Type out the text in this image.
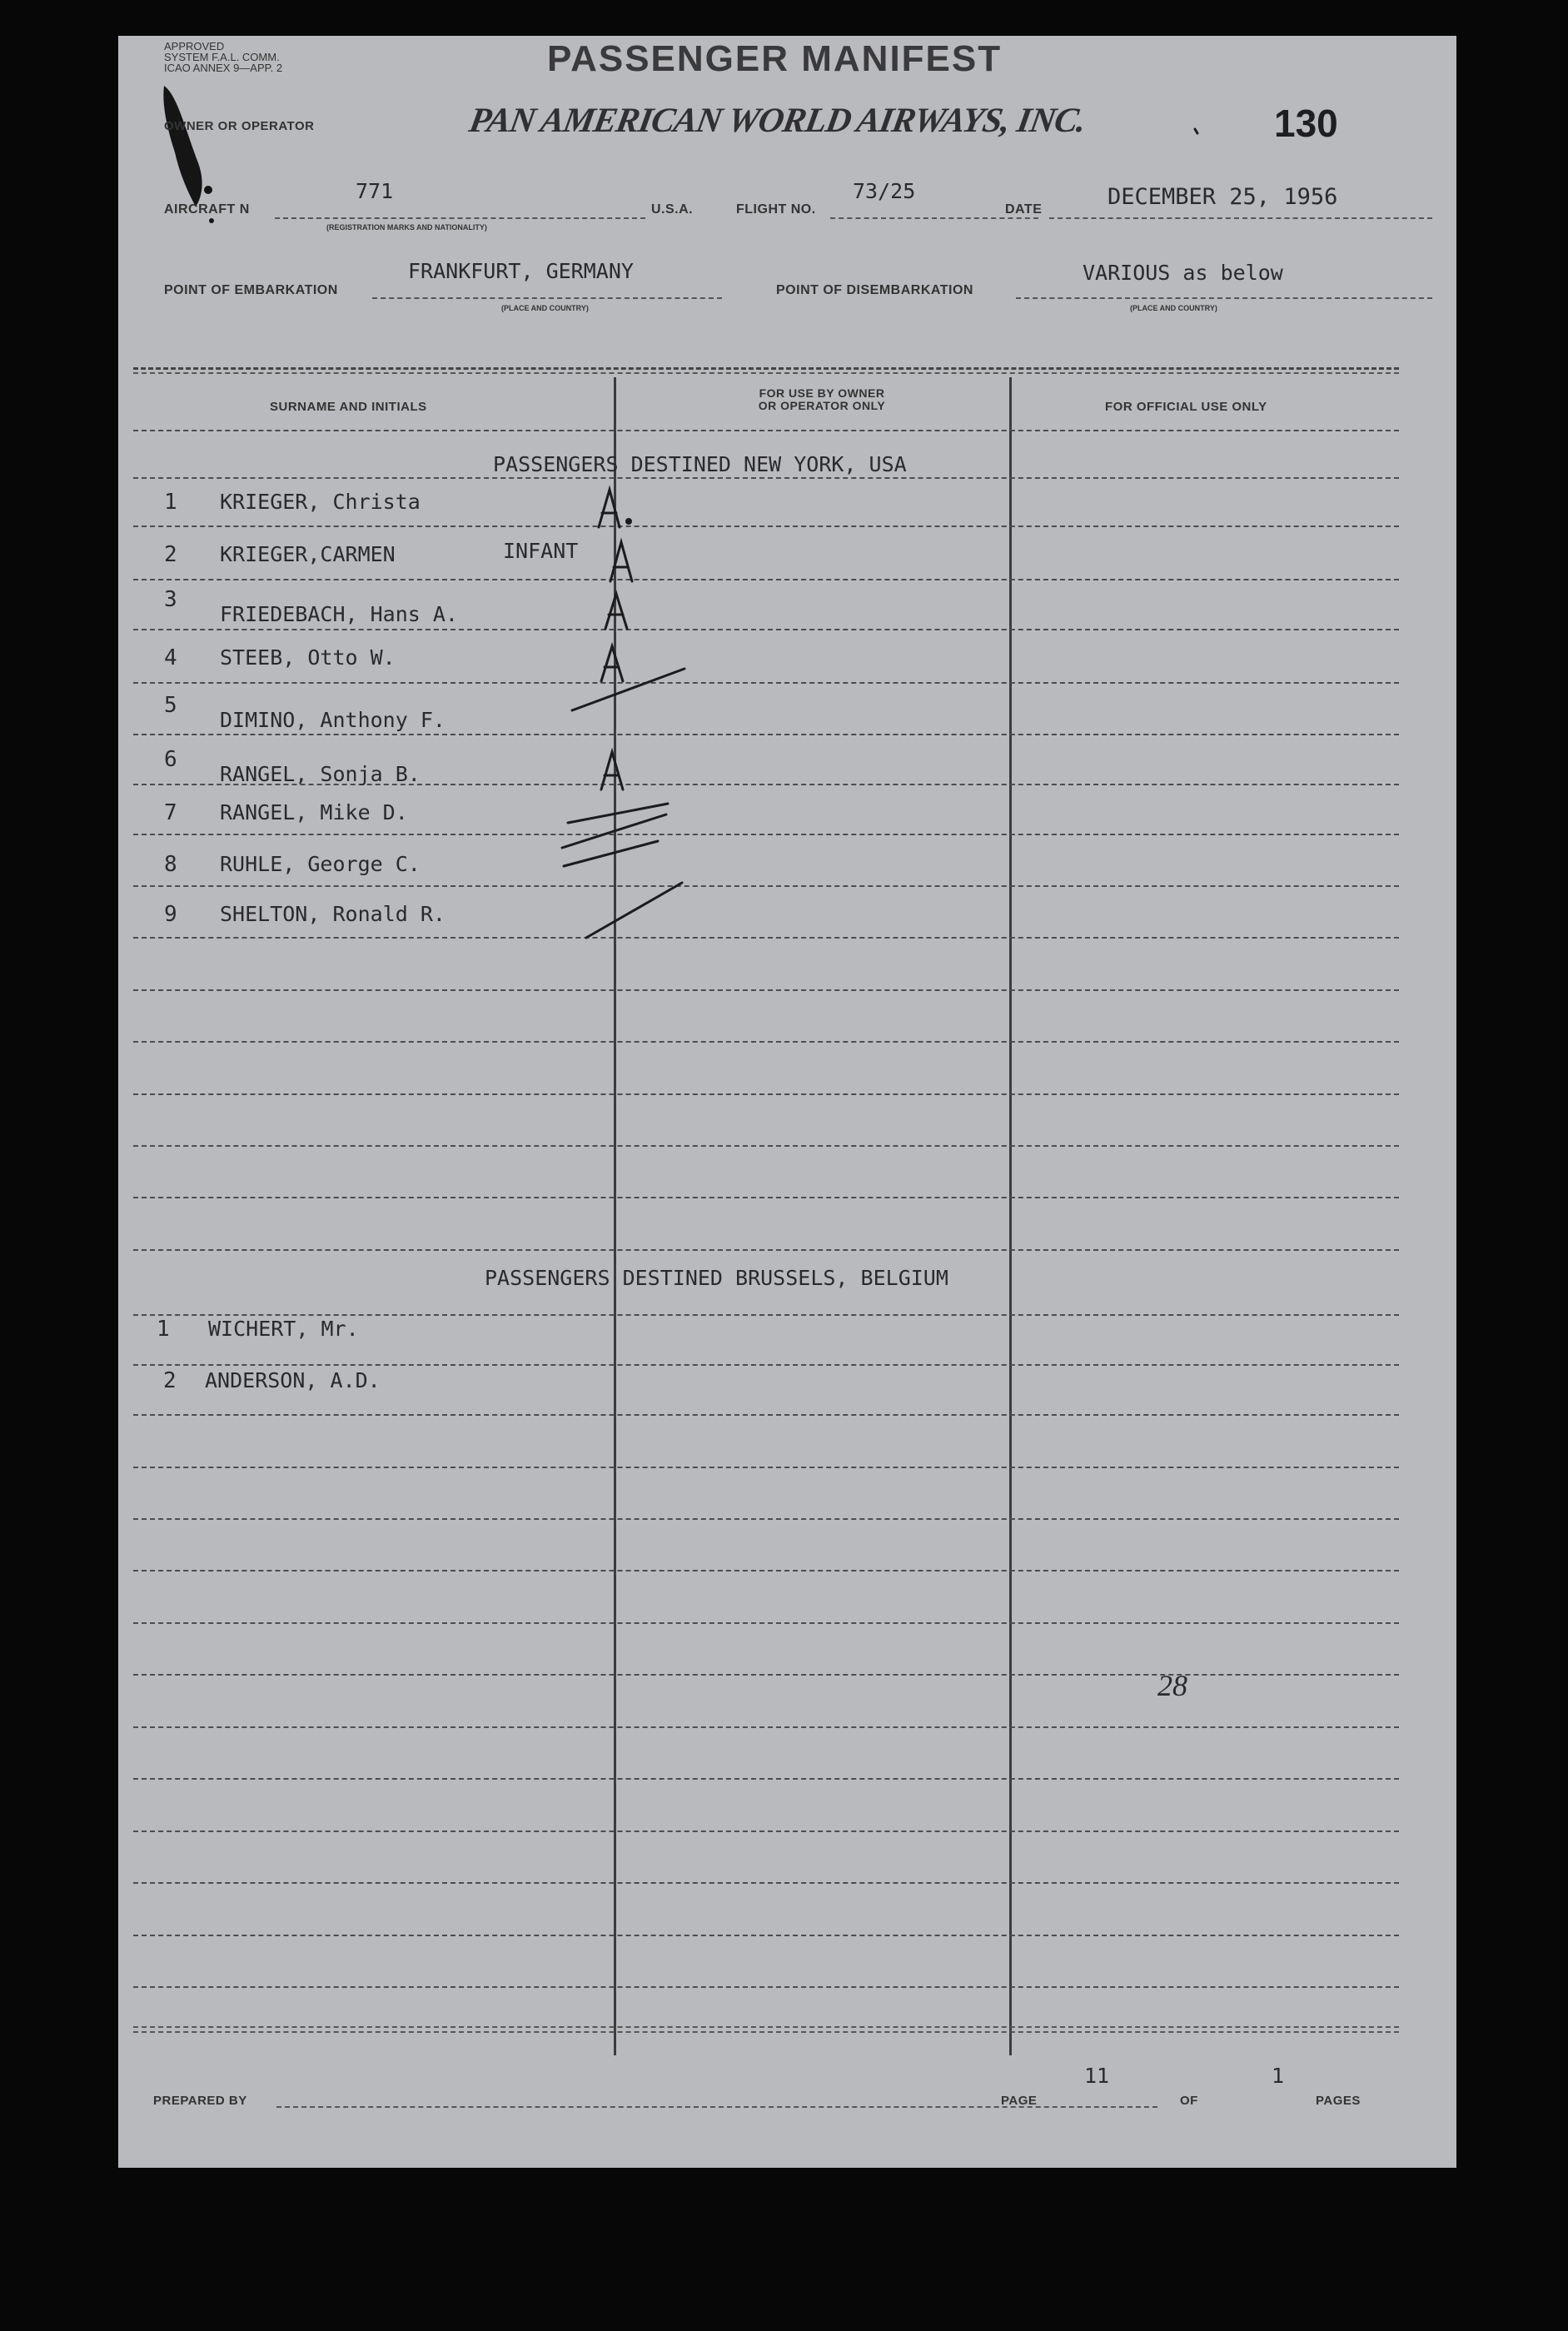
APPROVED
SYSTEM F.A.L. COMM.
ICAO ANNEX 9—APP. 2	PASSENGER MANIFEST
OWNER OR OPERATOR	PAN AMERICAN WORLD AIRWAYS, INC.	130
AIRCRAFT N
771
(REGISTRATION MARKS AND NATIONALITY)
U.S.A.	FLIGHT NO.
73/25
DATE	DECEMBER 25, 1956
POINT OF EMBARKATION
FRANKFURT, GERMANY
(PLACE AND COUNTRY)
POINT OF DISEMBARKATION
VARIOUS as below
(PLACE AND COUNTRY)
SURNAME AND INITIALS
FOR USE BY OWNER
OR OPERATOR ONLY	FOR OFFICIAL USE ONLY
PASSENGERS DESTINED NEW YORK, USA
1 KRIEGER, Christa
2 KRIEGER,CARMEN	INFANT
3
FRIEDEBACH, Hans A.
4 STEEB, Otto W.
5
DIMINO, Anthony F.
6
RANGEL, Sonja B.
7 RANGEL, Mike D.
8 RUHLE, George C.
9 SHELTON, Ronald R.
PASSENGERS DESTINED BRUSSELS, BELGIUM
1 WICHERT, Mr.
2 ANDERSON, A.D.
28
PREPARED BY	PAGE
11
OF
1
PAGES
